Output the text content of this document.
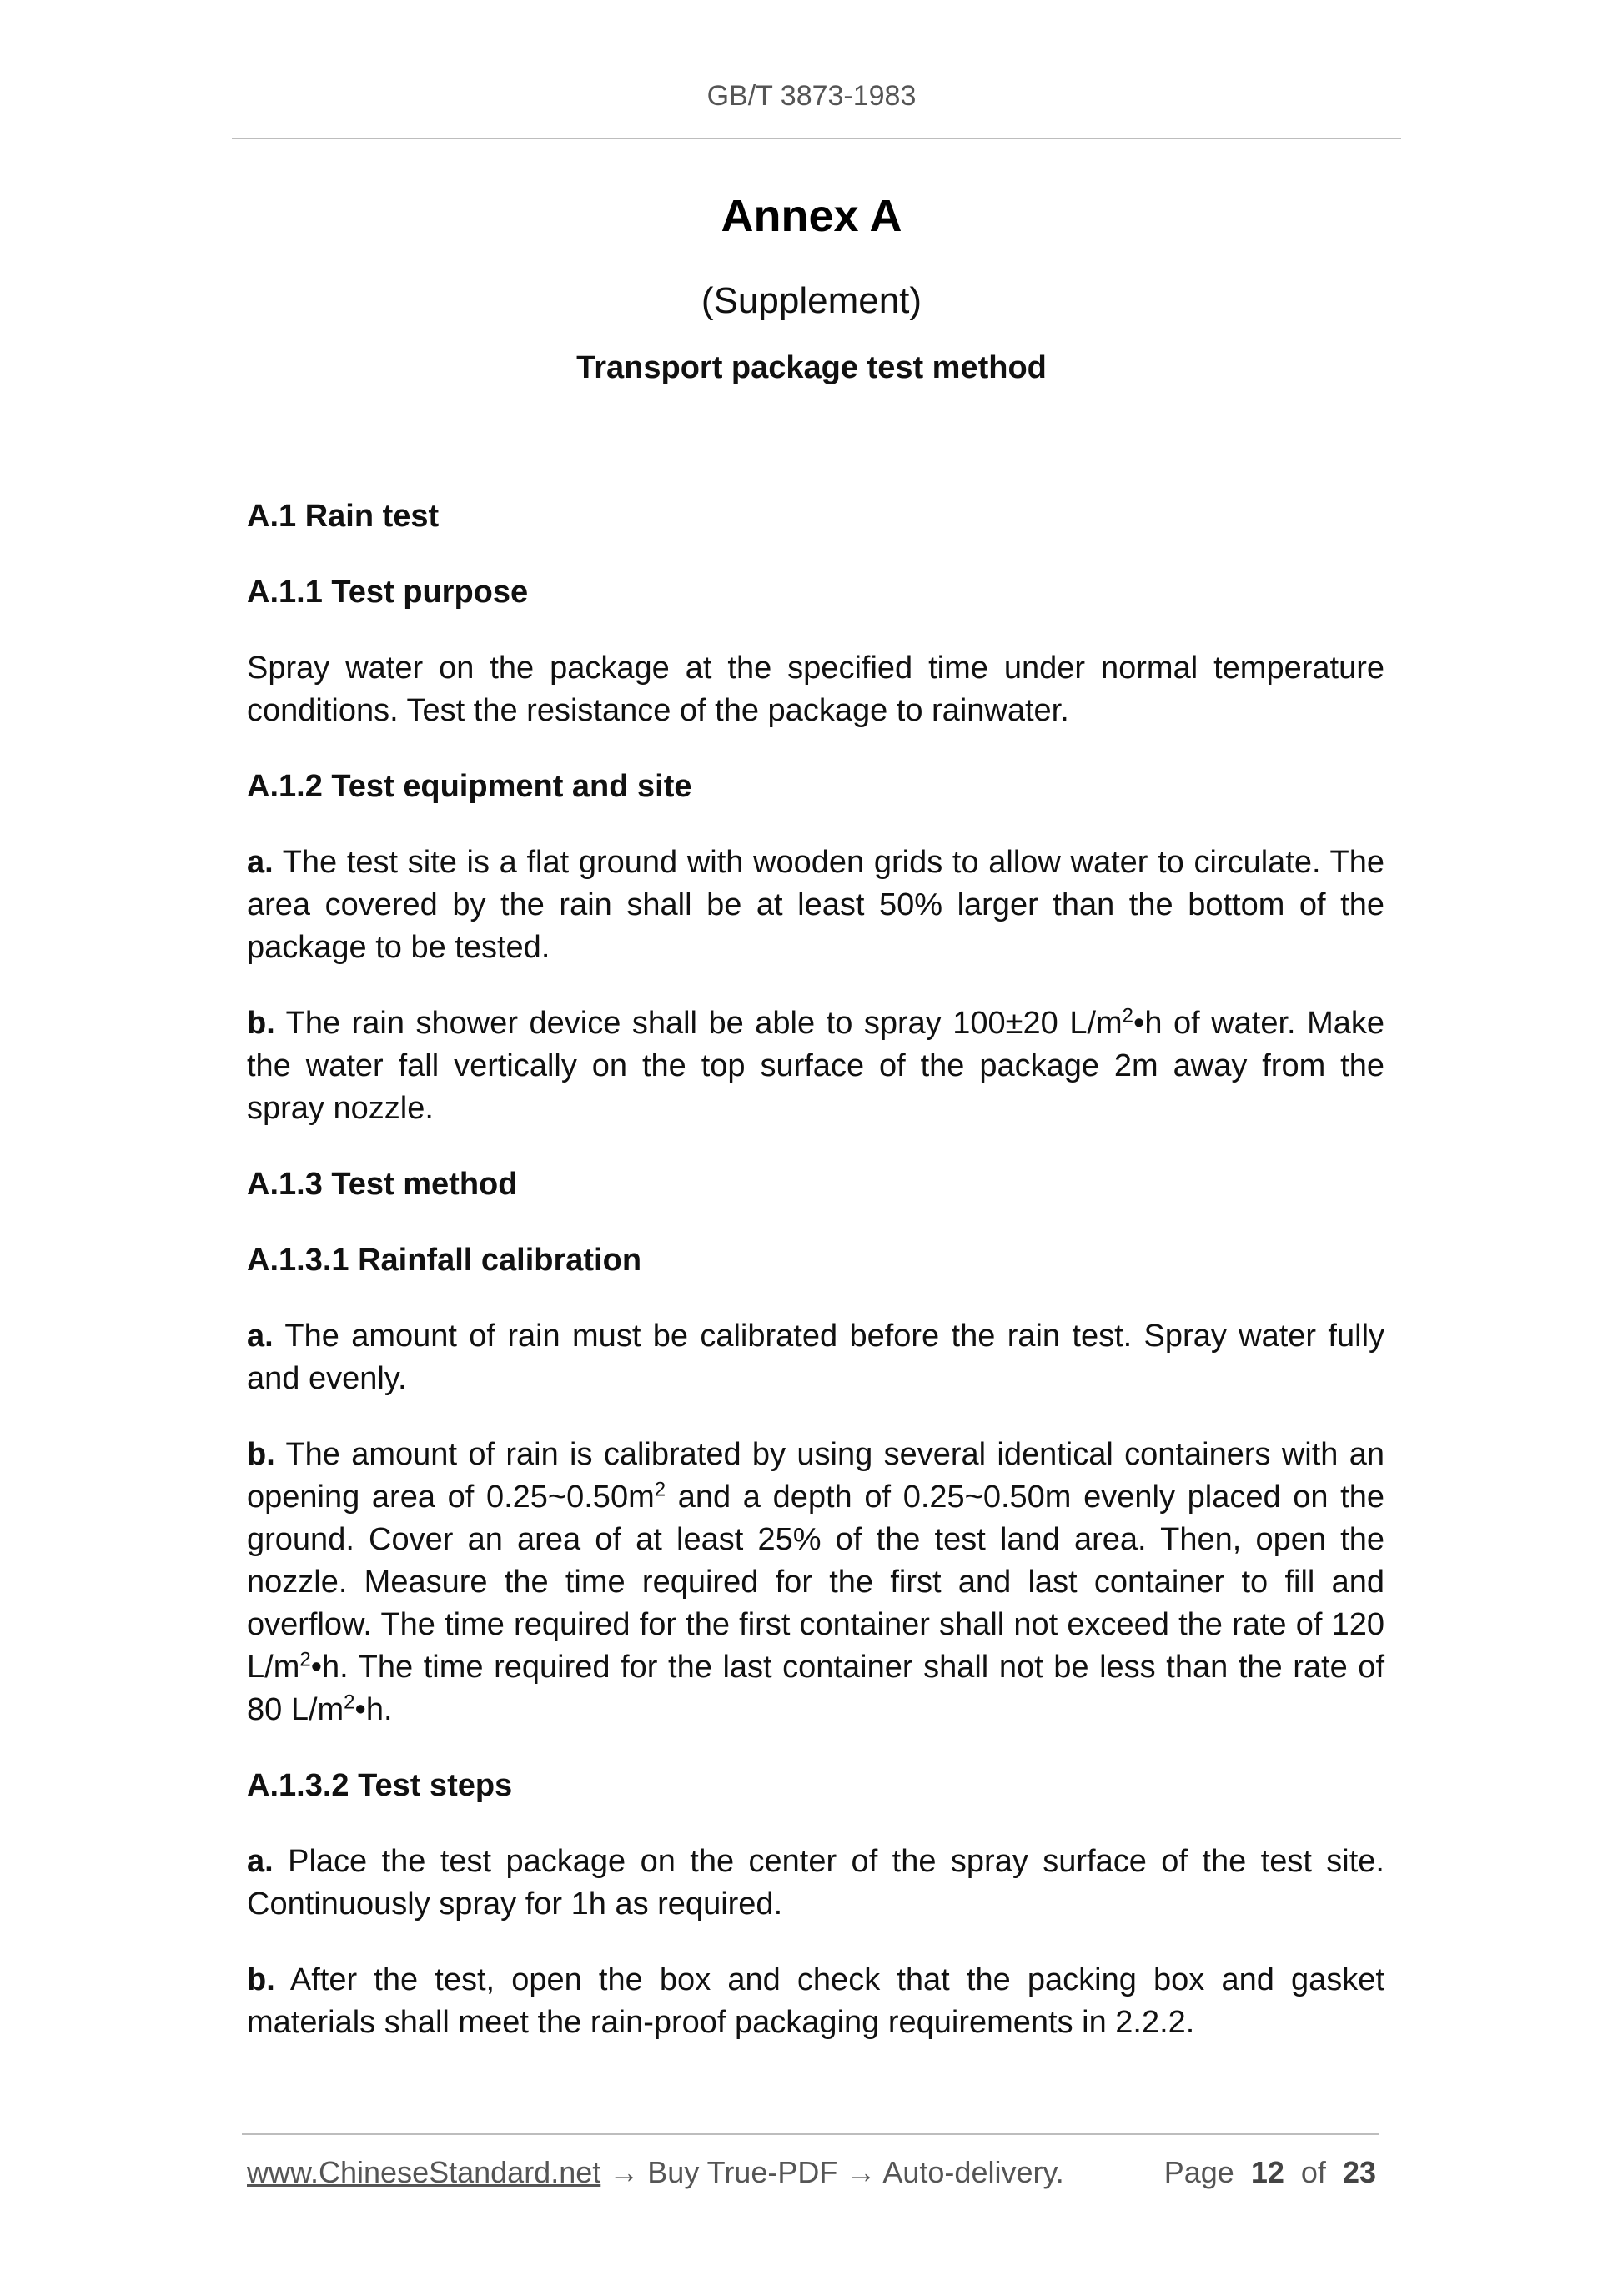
GB/T 3873-1983
Annex A
(Supplement)
Transport package test method
A.1 Rain test
A.1.1 Test purpose

Spray water on the package at the specified time under normal temperature conditions. Test the resistance of the package to rainwater.

A.1.2 Test equipment and site

a. The test site is a flat ground with wooden grids to allow water to circulate. The area covered by the rain shall be at least 50% larger than the bottom of the package to be tested.

b. The rain shower device shall be able to spray 100±20 $L/m^2•h$ of water. Make the water fall vertically on the top surface of the package 2m away from the spray nozzle.

A.1.3 Test method
A.1.3.1 Rainfall calibration

a. The amount of rain must be calibrated before the rain test. Spray water fully and evenly.

b. The amount of rain is calibrated by using several identical containers with an opening area of $0.25\sim 0.50m^2$ and a depth of 0.25~0.50m evenly placed on the ground. Cover an area of at least 25% of the test land area. Then, open the nozzle. Measure the time required for the first and last container to fill and overflow. The time required for the first container shall not exceed the rate of 120 $L/m^2•h$. The time required for the last container shall not be less than the rate of 80 $L/m^2•h$.

A.1.3.2 Test steps

a. Place the test package on the center of the spray surface of the test site. Continuously spray for 1h as required.

b. After the test, open the box and check that the packing box and gasket materials shall meet the rain-proof packaging requirements in 2.2.2.

www.ChineseStandard.net → Buy True-PDF → Auto-delivery.	Page 12 of 23
